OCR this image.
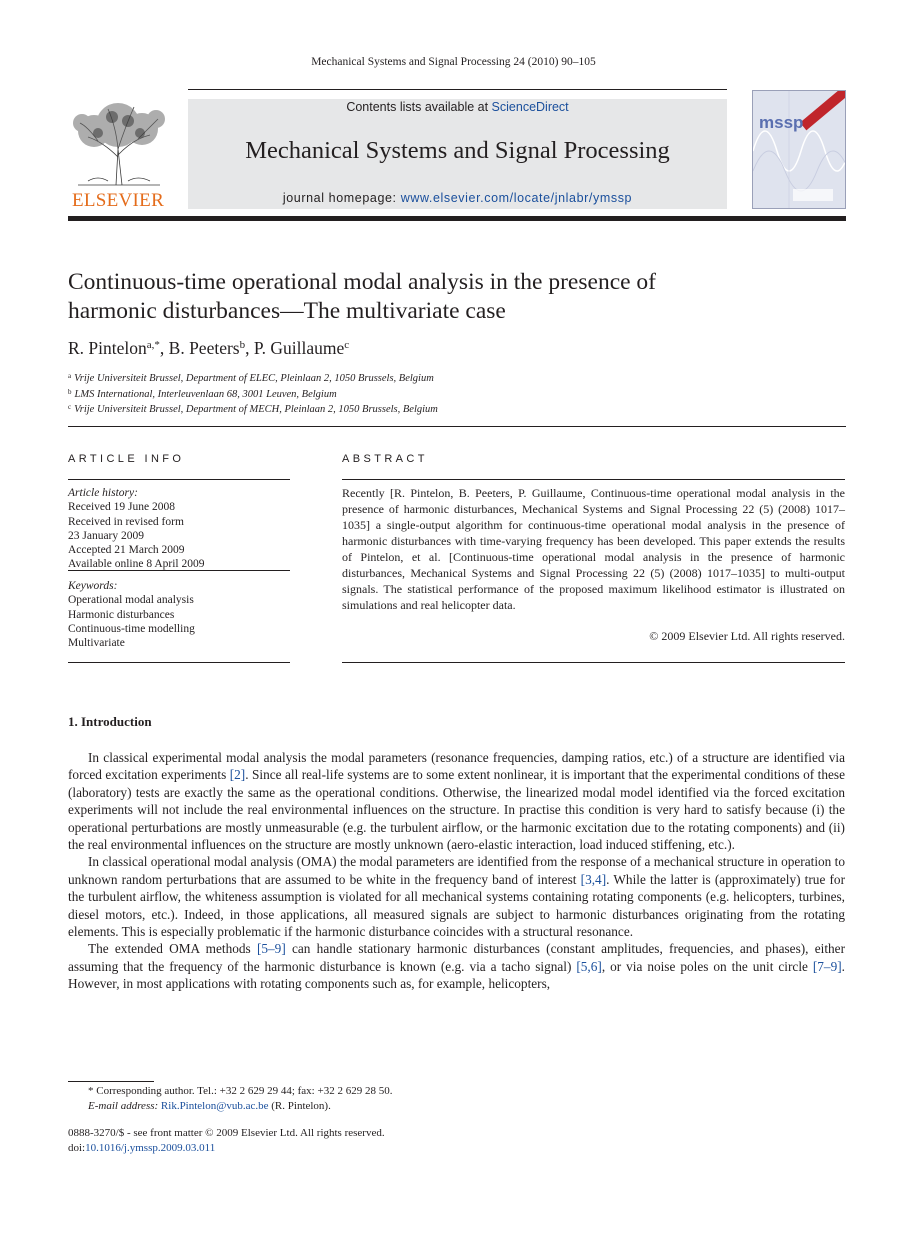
Mechanical Systems and Signal Processing 24 (2010) 90–105
ELSEVIER
Contents lists available at ScienceDirect
Mechanical Systems and Signal Processing
journal homepage: www.elsevier.com/locate/jnlabr/ymssp
mssp
Continuous-time operational modal analysis in the presence of
harmonic disturbances—The multivariate case
R. Pintelon$^{a,*}$, B. Peeters$^b$, P. Guillaume$^c$
$^a$ Vrije Universiteit Brussel, Department of ELEC, Pleinlaan 2, 1050 Brussels, Belgium
$^b$ LMS International, Interleuvenlaan 68, 3001 Leuven, Belgium
$^c$ Vrije Universiteit Brussel, Department of MECH, Pleinlaan 2, 1050 Brussels, Belgium
ARTICLE INFO	ABSTRACT
Article history:
Received 19 June 2008
Received in revised form
23 January 2009
Accepted 21 March 2009
Available online 8 April 2009
Keywords:
Operational modal analysis
Harmonic disturbances
Continuous-time modelling
Multivariate
Recently [R. Pintelon, B. Peeters, P. Guillaume, Continuous-time operational modal analysis in the presence of harmonic disturbances, Mechanical Systems and Signal Processing 22 (5) (2008) 1017–1035] a single-output algorithm for continuous-time operational modal analysis in the presence of harmonic disturbances with time-varying frequency has been developed. This paper extends the results of Pintelon, et al. [Continuous-time operational modal analysis in the presence of harmonic disturbances, Mechanical Systems and Signal Processing 22 (5) (2008) 1017–1035] to multi-output signals. The statistical performance of the proposed maximum likelihood estimator is illustrated on simulations and real helicopter data.
© 2009 Elsevier Ltd. All rights reserved.
1. Introduction

In classical experimental modal analysis the modal parameters (resonance frequencies, damping ratios, etc.) of a structure are identified via forced excitation experiments [2]. Since all real-life systems are to some extent nonlinear, it is important that the experimental conditions of these (laboratory) tests are exactly the same as the operational conditions. Otherwise, the linearized modal model identified via the forced excitation experiments will not include the real environmental influences on the structure. In practise this condition is very hard to satisfy because (i) the operational perturbations are mostly unmeasurable (e.g. the turbulent airflow, or the harmonic excitation due to the rotating components) and (ii) the real environmental influences on the structure are mostly unknown (aero-elastic interaction, load induced stiffening, etc.).

In classical operational modal analysis (OMA) the modal parameters are identified from the response of a mechanical structure in operation to unknown random perturbations that are assumed to be white in the frequency band of interest [3,4]. While the latter is (approximately) true for the turbulent airflow, the whiteness assumption is violated for all mechanical systems containing rotating components (e.g. helicopters, turbines, diesel motors, etc.). Indeed, in those applications, all measured signals are subject to harmonic disturbances originating from the rotating elements. This is especially problematic if the harmonic disturbance coincides with a structural resonance.

The extended OMA methods [5–9] can handle stationary harmonic disturbances (constant amplitudes, frequencies, and phases), either assuming that the frequency of the harmonic disturbance is known (e.g. via a tacho signal) [5,6], or via noise poles on the unit circle [7–9]. However, in most applications with rotating components such as, for example, helicopters,

* Corresponding author. Tel.: +32 2 629 29 44; fax: +32 2 629 28 50.
E-mail address: Rik.Pintelon@vub.ac.be (R. Pintelon).
0888-3270/$ - see front matter © 2009 Elsevier Ltd. All rights reserved.
doi:10.1016/j.ymssp.2009.03.011
